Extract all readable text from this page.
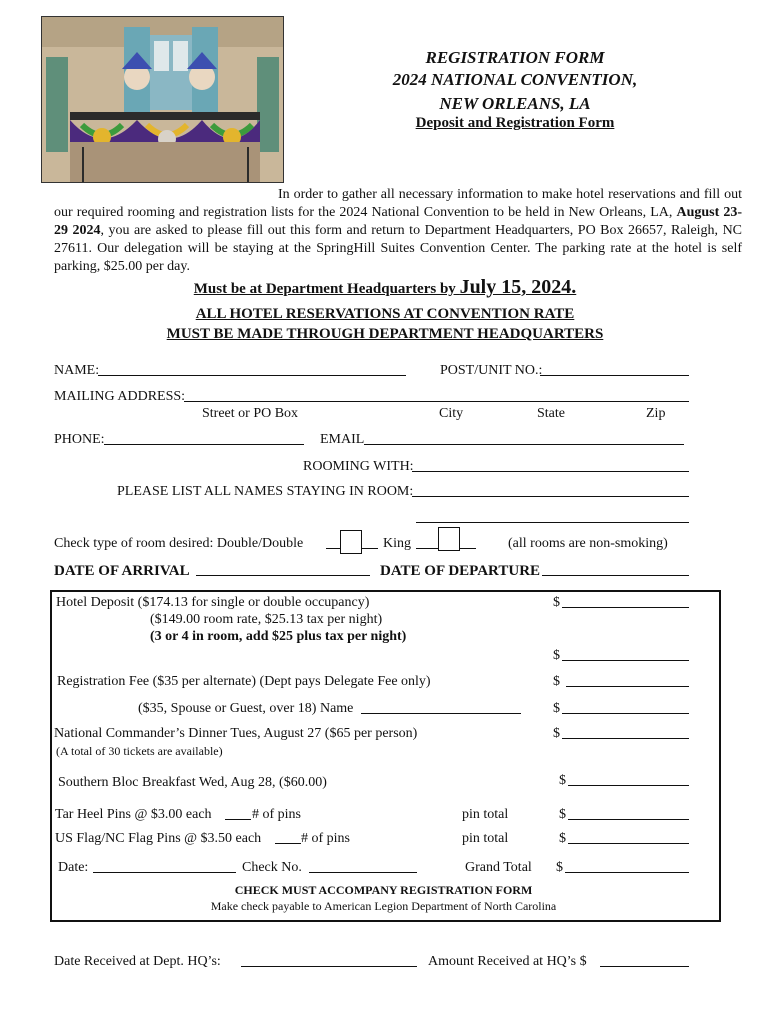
REGISTRATION FORM
2024 NATIONAL CONVENTION,
NEW ORLEANS, LA
Deposit and Registration Form
In order to gather all necessary information to make hotel reservations and fill out our required rooming and registration lists for the 2024 National Convention to be held in New Orleans, LA, August 23-29 2024, you are asked to please fill out this form and return to Department Headquarters, PO Box 26657, Raleigh, NC 27611. Our delegation will be staying at the SpringHill Suites Convention Center. The parking rate at the hotel is self parking, $25.00 per day.
Must be at Department Headquarters by July 15, 2024.
ALL HOTEL RESERVATIONS AT CONVENTION RATE
MUST BE MADE THROUGH DEPARTMENT HEADQUARTERS
NAME:	POST/UNIT NO.:
MAILING ADDRESS:
Street or PO Box	City	State	Zip
PHONE:	EMAIL
ROOMING WITH:
PLEASE LIST ALL NAMES STAYING IN ROOM:
Check type of room desired: Double/Double	King	(all rooms are non-smoking)
DATE OF ARRIVAL	DATE OF DEPARTURE
Hotel Deposit ($174.13 for single or double occupancy)	$
($149.00 room rate, $25.13 tax per night)
(3 or 4 in room, add $25 plus tax per night)
$
Registration Fee ($35 per alternate) (Dept pays Delegate Fee only)	$
($35, Spouse or Guest, over 18) Name	$
National Commander’s Dinner Tues, August 27 ($65 per person)	$
(A total of 30 tickets are available)
Southern Bloc Breakfast Wed, Aug 28, ($60.00)	$
Tar Heel Pins @ $3.00 each	# of pins	pin total	$
US Flag/NC Flag Pins @ $3.50 each	# of pins	pin total	$
Date:	Check No.	Grand Total $
CHECK MUST ACCOMPANY REGISTRATION FORM
Make check payable to American Legion Department of North Carolina
Date Received at Dept. HQ’s:	Amount Received at HQ’s $
